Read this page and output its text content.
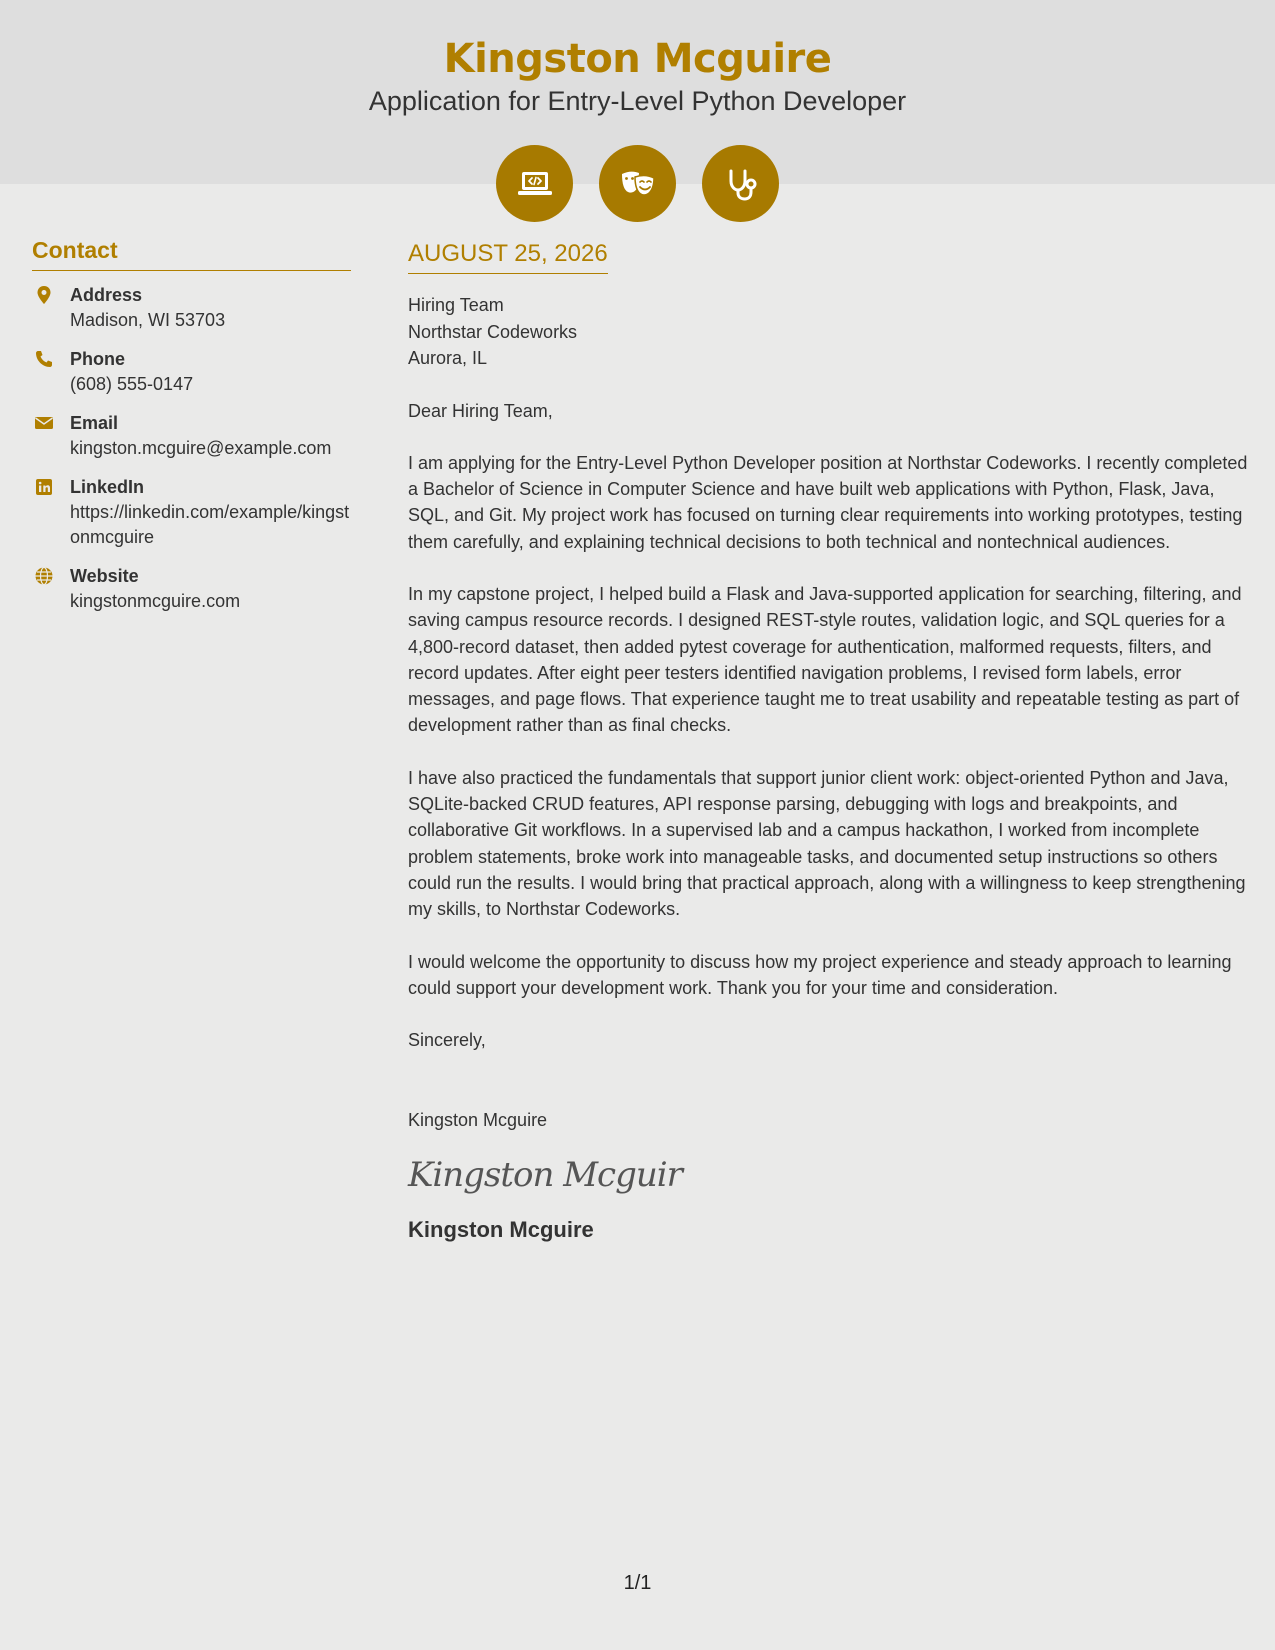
Kingston Mcguire
Application for Entry-Level Python Developer
Contact
Address
Madison, WI 53703
Phone
(608) 555-0147
Email
kingston.mcguire@example.com
LinkedIn
https://linkedin.com/example/kingstonmcguire
Website
kingstonmcguire.com
AUGUST 25, 2026
Hiring Team
Northstar Codeworks
Aurora, IL

Dear Hiring Team,

I am applying for the Entry-Level Python Developer position at Northstar Codeworks. I recently completed a Bachelor of Science in Computer Science and have built web applications with Python, Flask, Java, SQL, and Git. My project work has focused on turning clear requirements into working prototypes, testing them carefully, and explaining technical decisions to both technical and nontechnical audiences.

In my capstone project, I helped build a Flask and Java-supported application for searching, filtering, and saving campus resource records. I designed REST-style routes, validation logic, and SQL queries for a 4,800-record dataset, then added pytest coverage for authentication, malformed requests, filters, and record updates. After eight peer testers identified navigation problems, I revised form labels, error messages, and page flows. That experience taught me to treat usability and repeatable testing as part of development rather than as final checks.

I have also practiced the fundamentals that support junior client work: object-oriented Python and Java, SQLite-backed CRUD features, API response parsing, debugging with logs and breakpoints, and collaborative Git workflows. In a supervised lab and a campus hackathon, I worked from incomplete problem statements, broke work into manageable tasks, and documented setup instructions so others could run the results. I would bring that practical approach, along with a willingness to keep strengthening my skills, to Northstar Codeworks.

I would welcome the opportunity to discuss how my project experience and steady approach to learning could support your development work. Thank you for your time and consideration.

Sincerely,
Kingston Mcguire
Kingston Mcguir
Kingston Mcguire
1/1
